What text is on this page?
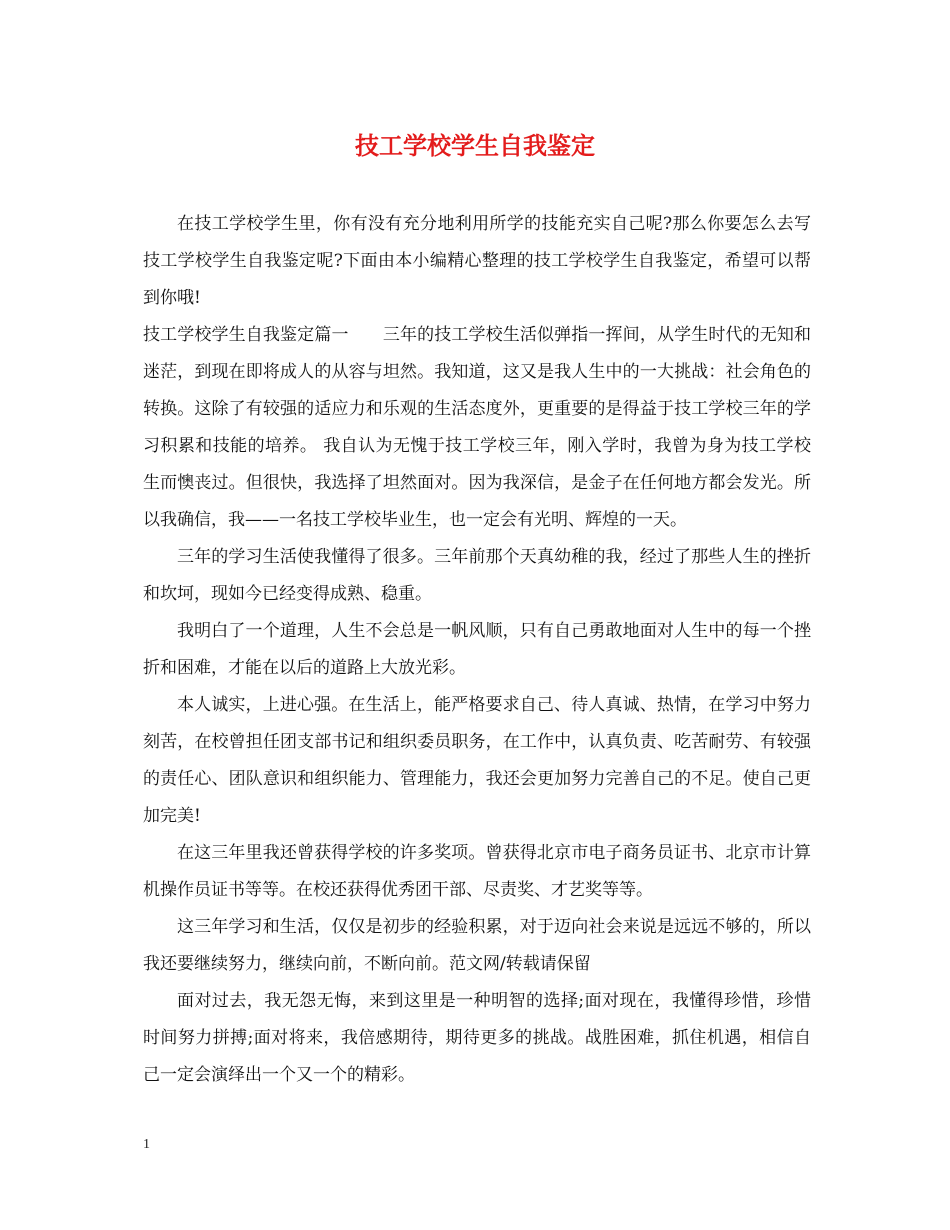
技工学校学生自我鉴定

在技工学校学生里，你有没有充分地利用所学的技能充实自己呢?那么你要怎么去写技工学校学生自我鉴定呢?下面由本小编精心整理的技工学校学生自我鉴定，希望可以帮到你哦!

技工学校学生自我鉴定篇一　　三年的技工学校生活似弹指一挥间，从学生时代的无知和迷茫，到现在即将成人的从容与坦然。我知道，这又是我人生中的一大挑战：社会角色的转换。这除了有较强的适应力和乐观的生活态度外，更重要的是得益于技工学校三年的学习积累和技能的培养。 我自认为无愧于技工学校三年，刚入学时，我曾为身为技工学校生而懊丧过。但很快，我选择了坦然面对。因为我深信，是金子在任何地方都会发光。所以我确信，我——一名技工学校毕业生，也一定会有光明、辉煌的一天。

三年的学习生活使我懂得了很多。三年前那个天真幼稚的我，经过了那些人生的挫折和坎坷，现如今已经变得成熟、稳重。

我明白了一个道理，人生不会总是一帆风顺，只有自己勇敢地面对人生中的每一个挫折和困难，才能在以后的道路上大放光彩。

本人诚实，上进心强。在生活上，能严格要求自己、待人真诚、热情，在学习中努力刻苦，在校曾担任团支部书记和组织委员职务，在工作中，认真负责、吃苦耐劳、有较强的责任心、团队意识和组织能力、管理能力，我还会更加努力完善自己的不足。使自己更加完美!

在这三年里我还曾获得学校的许多奖项。曾获得北京市电子商务员证书、北京市计算机操作员证书等等。在校还获得优秀团干部、尽责奖、才艺奖等等。

这三年学习和生活，仅仅是初步的经验积累，对于迈向社会来说是远远不够的，所以我还要继续努力，继续向前，不断向前。范文网/转载请保留

面对过去，我无怨无悔，来到这里是一种明智的选择;面对现在，我懂得珍惜，珍惜时间努力拼搏;面对将来，我倍感期待，期待更多的挑战。战胜困难，抓住机遇，相信自己一定会演绎出一个又一个的精彩。

1
